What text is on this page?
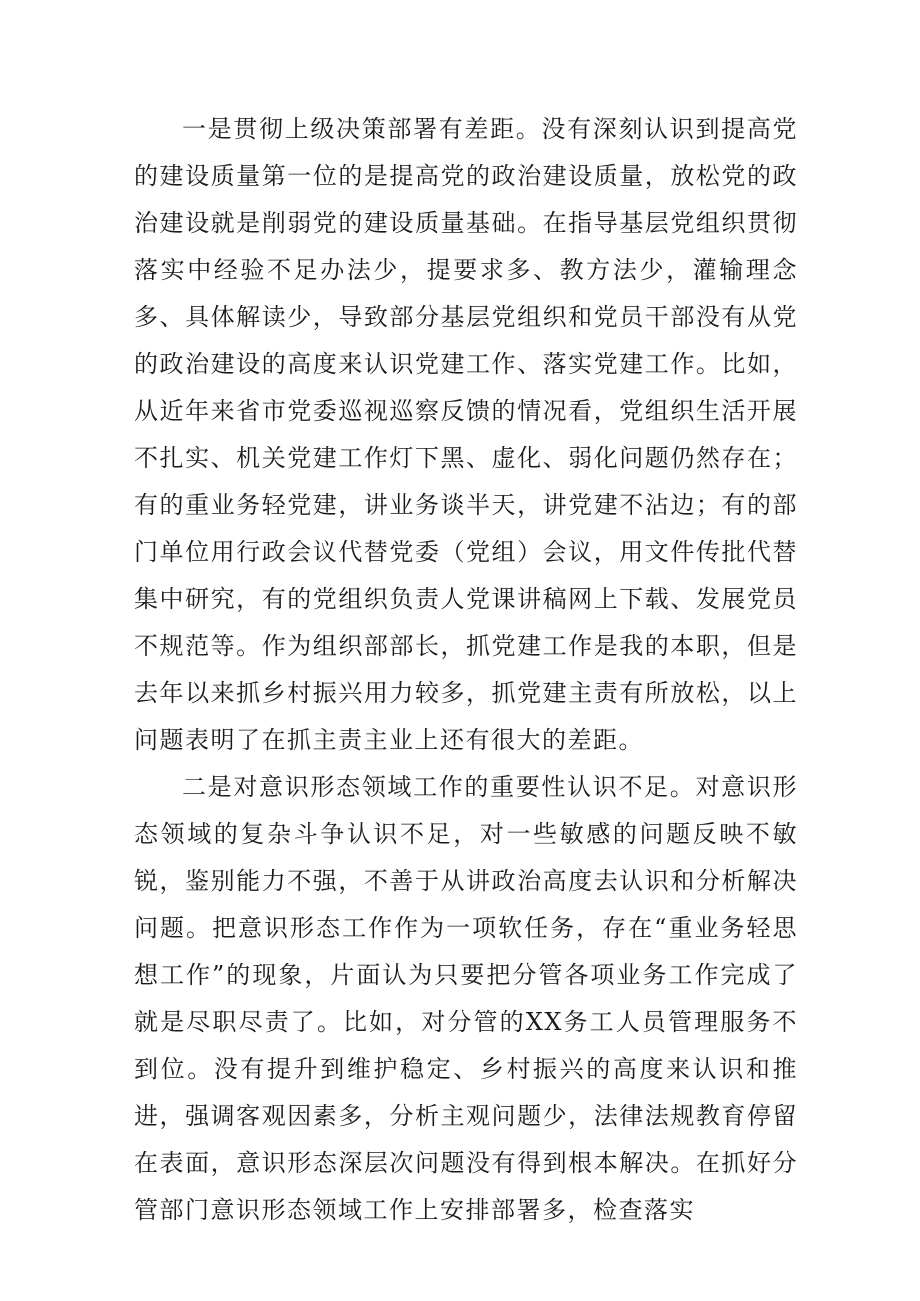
一是贯彻上级决策部署有差距。没有深刻认识到提高党的建设质量第一位的是提高党的政治建设质量，放松党的政治建设就是削弱党的建设质量基础。在指导基层党组织贯彻落实中经验不足办法少，提要求多、教方法少，灌输理念多、具体解读少，导致部分基层党组织和党员干部没有从党的政治建设的高度来认识党建工作、落实党建工作。比如，从近年来省市党委巡视巡察反馈的情况看，党组织生活开展不扎实、机关党建工作灯下黑、虚化、弱化问题仍然存在；有的重业务轻党建，讲业务谈半天，讲党建不沾边；有的部门单位用行政会议代替党委（党组）会议，用文件传批代替集中研究，有的党组织负责人党课讲稿网上下载、发展党员不规范等。作为组织部部长，抓党建工作是我的本职，但是去年以来抓乡村振兴用力较多，抓党建主责有所放松，以上问题表明了在抓主责主业上还有很大的差距。

二是对意识形态领域工作的重要性认识不足。对意识形态领域的复杂斗争认识不足，对一些敏感的问题反映不敏锐，鉴别能力不强，不善于从讲政治高度去认识和分析解决问题。把意识形态工作作为一项软任务，存在“重业务轻思想工作”的现象，片面认为只要把分管各项业务工作完成了就是尽职尽责了。比如，对分管的XX务工人员管理服务不到位。没有提升到维护稳定、乡村振兴的高度来认识和推进，强调客观因素多，分析主观问题少，法律法规教育停留在表面，意识形态深层次问题没有得到根本解决。在抓好分管部门意识形态领域工作上安排部署多，检查落实
